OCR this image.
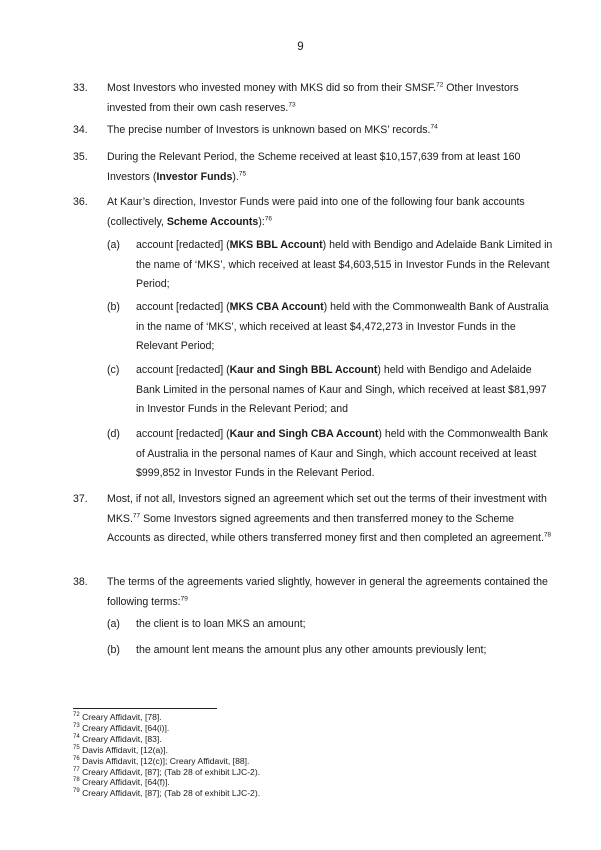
9
33. Most Investors who invested money with MKS did so from their SMSF.$^{72}$ Other Investors invested from their own cash reserves.$^{73}$
34. The precise number of Investors is unknown based on MKS’ records.$^{74}$
35. During the Relevant Period, the Scheme received at least $10,157,639 from at least 160 Investors (Investor Funds).$^{75}$
36. At Kaur’s direction, Investor Funds were paid into one of the following four bank accounts (collectively, Scheme Accounts):$^{76}$
(a) account [redacted] (MKS BBL Account) held with Bendigo and Adelaide Bank Limited in the name of ‘MKS’, which received at least $4,603,515 in Investor Funds in the Relevant Period;
(b) account [redacted] (MKS CBA Account) held with the Commonwealth Bank of Australia in the name of ‘MKS’, which received at least $4,472,273 in Investor Funds in the Relevant Period;
(c) account [redacted] (Kaur and Singh BBL Account) held with Bendigo and Adelaide Bank Limited in the personal names of Kaur and Singh, which received at least $81,997 in Investor Funds in the Relevant Period; and
(d) account [redacted] (Kaur and Singh CBA Account) held with the Commonwealth Bank of Australia in the personal names of Kaur and Singh, which account received at least $999,852 in Investor Funds in the Relevant Period.
37. Most, if not all, Investors signed an agreement which set out the terms of their investment with MKS.$^{77}$ Some Investors signed agreements and then transferred money to the Scheme Accounts as directed, while others transferred money first and then completed an agreement.$^{78}$
38. The terms of the agreements varied slightly, however in general the agreements contained the following terms:$^{79}$
(a) the client is to loan MKS an amount;
(b) the amount lent means the amount plus any other amounts previously lent;
$^{72}$ Creary Affidavit, [78].
$^{73}$ Creary Affidavit, [64(i)].
$^{74}$ Creary Affidavit, [83].
$^{75}$ Davis Affidavit, [12(a)].
$^{76}$ Davis Affidavit, [12(c)]; Creary Affidavit, [88].
$^{77}$ Creary Affidavit, [87]; (Tab 28 of exhibit LJC-2).
$^{78}$ Creary Affidavit, [64(f)].
$^{79}$ Creary Affidavit, [87]; (Tab 28 of exhibit LJC-2).
